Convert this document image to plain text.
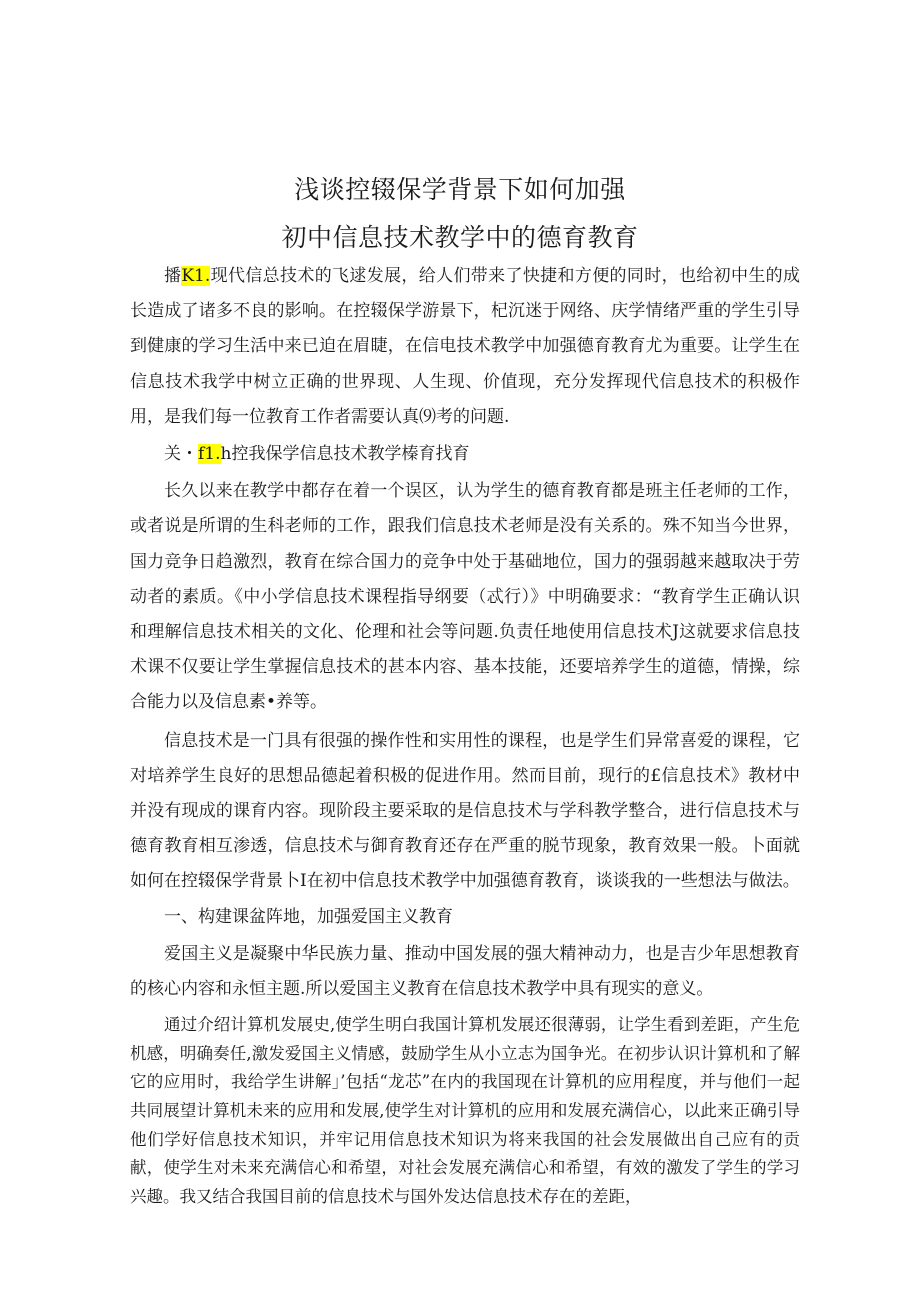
浅谈控辍保学背景下如何加强
初中信息技术教学中的德育教育

播K1.现代信总技术的飞逑发展，给人们带来了快捷和方便的同时，也给初中生的成长造成了诸多不良的影响。在控辍保学游景下，杞沉迷于网络、庆学情绪严重的学生引导到健康的学习生活中来已迫在眉睫，在信电技术教学中加强德育教育尤为重要。让学生在信息技术我学中树立正确的世界现、人生现、价值现，充分发挥现代信息技术的积极作用，是我们每一位教育工作者需要认真⑼考的问题.

关・f1.h控我保学信息技术教学榛育找育

长久以来在教学中都存在着一个误区，认为学生的德育教育都是班主任老师的工作，或者说是所谓的生科老师的工作，跟我们信息技术老师是没有关系的。殊不知当今世界，国力竞争日趋激烈，教育在综合国力的竞争中处于基础地位，国力的强弱越来越取决于劳动者的素质。《中小学信息技术课程指导纲要（忒行）》中明确要求：“教育学生正确认识和理解信息技术相关的文化、伦理和社会等问题.负责任地使用信息技术J这就要求信息技术课不仅要让学生掌握信息技术的甚本内容、基本技能，还要培养学生的道德，情操，综合能力以及信息素•养等。

信息技术是一门具有很强的操作性和实用性的课程，也是学生们异常喜爱的课程，它对培养学生良好的思想品德起着积极的促进作用。然而目前，现行的£信息技术》教材中并没有现成的课育内容。现阶段主要采取的是信息技术与学科教学整合，进行信息技术与德育教育相互渗透，信息技术与御育教育还存在严重的脱节现象，教育效果一般。卜面就如何在控辍保学背景卜I在初中信息技术教学中加强德育教育，谈谈我的一些想法与做法。

一、构建课盆阵地，加强爱国主义教育

爱国主义是凝聚中华民族力量、推动中国发展的强大精神动力，也是吉少年思想教育的核心内容和永恒主题.所以爱国主义教育在信息技术教学中具有现实的意义。

通过介绍计算机发展史,使学生明白我国计算机发展还很薄弱，让学生看到差距，产生危机感，明确奏任,激发爱国主义情感，鼓励学生从小立志为国争光。在初步认识计算机和了解它的应用时，我给学生讲解」’包括“龙芯”在内的我国现在计算机的应用程度，并与他们一起共同展望计算机未来的应用和发展,使学生对计算机的应用和发展充满信心，以此来正确引导他们学好信息技术知识，并牢记用信息技术知识为将来我国的社会发展做出自己应有的贡献，使学生对未来充满信心和希望，对社会发展充满信心和希望，有效的激发了学生的学习兴趣。我又结合我国目前的信息技术与国外发达信息技术存在的差距，
